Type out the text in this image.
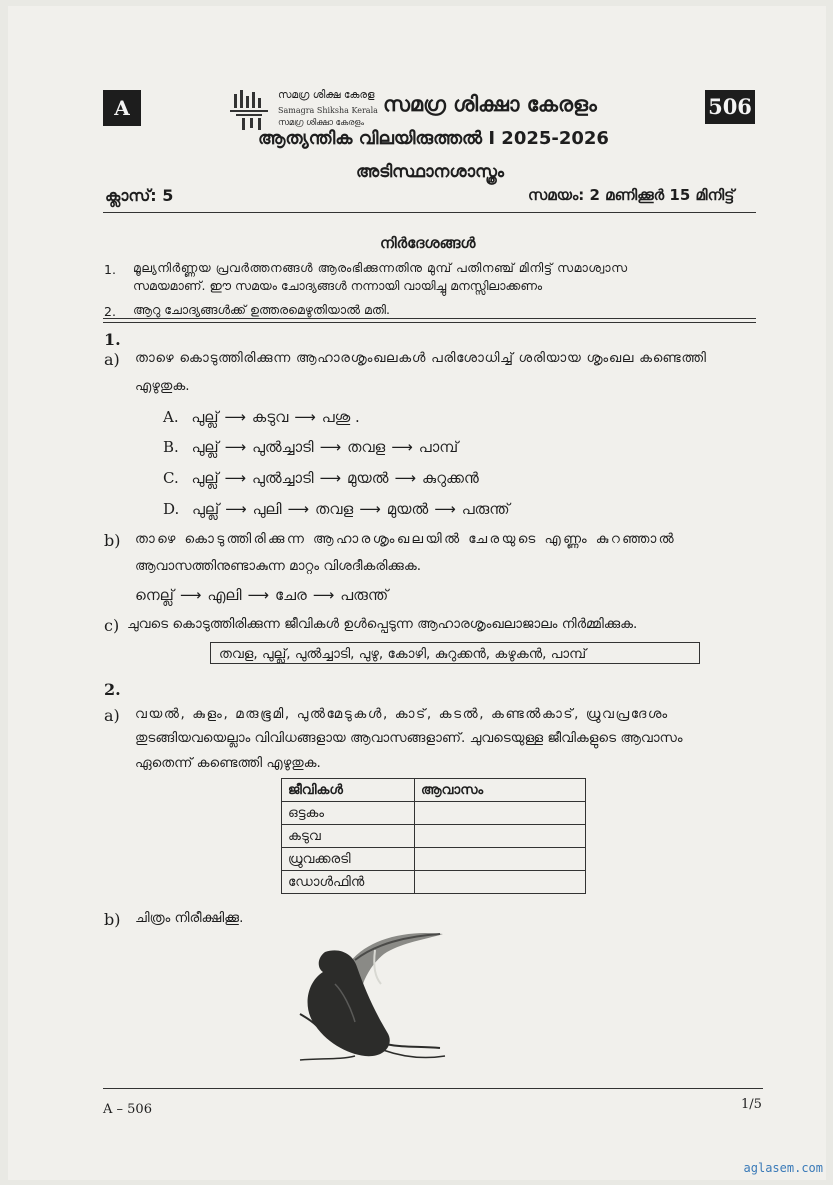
A	506
സമഗ്ര ശിക്ഷ കേരള
Samagra Shiksha Kerala
സമഗ്ര ശിക്ഷാ കേരളം
സമഗ്ര ശിക്ഷാ കേരളം
ആത്യന്തിക വിലയിരുത്തൽ I 2025-2026
അടിസ്ഥാനശാസ്ത്രം
ക്ലാസ്: 5	സമയം: 2 മണിക്കൂർ 15 മിനിട്ട്
നിർദേശങ്ങൾ
1. മൂല്യനിർണ്ണയ പ്രവർത്തനങ്ങൾ ആരംഭിക്കുന്നതിനു മുമ്പ് പതിനഞ്ച് മിനിട്ട് സമാശ്വാസ
സമയമാണ്. ഈ സമയം ചോദ്യങ്ങൾ നന്നായി വായിച്ചു മനസ്സിലാക്കണം
2. ആറു ചോദ്യങ്ങൾക്ക് ഉത്തരമെഴുതിയാൽ മതി.
1.
a) താഴെ കൊടുത്തിരിക്കുന്ന ആഹാരശൃംഖലകൾ പരിശോധിച്ച് ശരിയായ ശൃംഖല കണ്ടെത്തി
എഴുതുക.
A. പുല്ല് ⟶ കടുവ ⟶ പശു .
B. പുല്ല് ⟶ പുൽച്ചാടി ⟶ തവള ⟶ പാമ്പ്
C. പുല്ല് ⟶ പുൽച്ചാടി ⟶ മുയൽ ⟶ കുറുക്കൻ
D. പുല്ല് ⟶ പുലി ⟶ തവള ⟶ മുയൽ ⟶ പരുന്ത്
b) താഴെ കൊടുത്തിരിക്കുന്ന ആഹാരശൃംഖലയിൽ ചേരയുടെ എണ്ണം കുറഞ്ഞാൽ
ആവാസത്തിനുണ്ടാകുന്ന മാറ്റം വിശദീകരിക്കുക.
നെല്ല് ⟶ എലി ⟶ ചേര ⟶ പരുന്ത്
c) ചുവടെ കൊടുത്തിരിക്കുന്ന ജീവികൾ ഉൾപ്പെടുന്ന ആഹാരശൃംഖലാജാലം നിർമ്മിക്കുക.
തവള, പുല്ല്, പുൽച്ചാടി, പുഴു, കോഴി, കുറുക്കൻ, കഴുകൻ, പാമ്പ്
2.
a) വയൽ, കുളം, മരുഭൂമി, പുൽമേടുകൾ, കാട്, കടൽ, കണ്ടൽകാട്, ധ്രുവപ്രദേശം
തുടങ്ങിയവയെല്ലാം വിവിധങ്ങളായ ആവാസങ്ങളാണ്. ചുവടെയുള്ള ജീവികളുടെ ആവാസം
ഏതെന്ന് കണ്ടെത്തി എഴുതുക.
ജീവികൾ	ആവാസം
ഒട്ടകം	
കടുവ	
ധ്രുവക്കരടി	
ഡോൾഫിൻ	
b) ചിത്രം നിരീക്ഷിക്കൂ.
A – 506	1/5
aglasem.com
